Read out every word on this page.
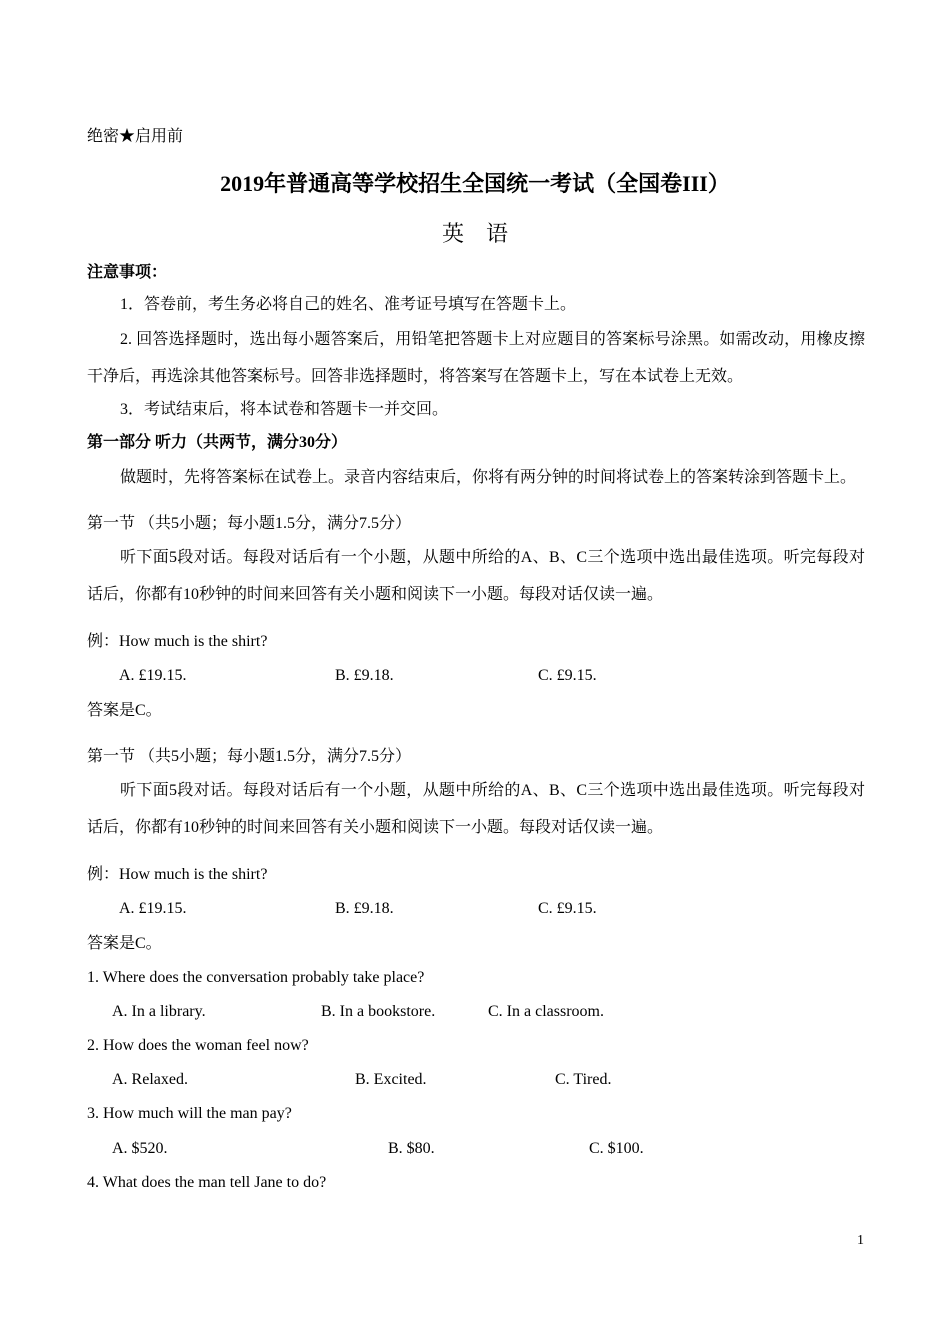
绝密★启用前
2019年普通高等学校招生全国统一考试（全国卷III）
英　语
注意事项：
1．答卷前，考生务必将自己的姓名、准考证号填写在答题卡上。
2. 回答选择题时，选出每小题答案后，用铅笔把答题卡上对应题目的答案标号涂黑。如需改动，用橡皮擦
干净后，再选涂其他答案标号。回答非选择题时，将答案写在答题卡上，写在本试卷上无效。
3．考试结束后，将本试卷和答题卡一并交回。
第一部分 听力（共两节，满分30分）
做题时，先将答案标在试卷上。录音内容结束后，你将有两分钟的时间将试卷上的答案转涂到答题卡上。
第一节 （共5小题；每小题1.5分，满分7.5分）
听下面5段对话。每段对话后有一个小题，从题中所给的A、B、C三个选项中选出最佳选项。听完每段对
话后，你都有10秒钟的时间来回答有关小题和阅读下一小题。每段对话仅读一遍。
例：How much is the shirt?
A. £19.15.	B. £9.18.	C. £9.15.
答案是C。
第一节 （共5小题；每小题1.5分，满分7.5分）
听下面5段对话。每段对话后有一个小题，从题中所给的A、B、C三个选项中选出最佳选项。听完每段对
话后，你都有10秒钟的时间来回答有关小题和阅读下一小题。每段对话仅读一遍。
例：How much is the shirt?
A. £19.15.	B. £9.18.	C. £9.15.
答案是C。
1. Where does the conversation probably take place?
A. In a library.	B. In a bookstore.	C. In a classroom.
2. How does the woman feel now?
A. Relaxed.	B. Excited.	C. Tired.
3. How much will the man pay?
A. $520.	B. $80.	C. $100.
4. What does the man tell Jane to do?
1
